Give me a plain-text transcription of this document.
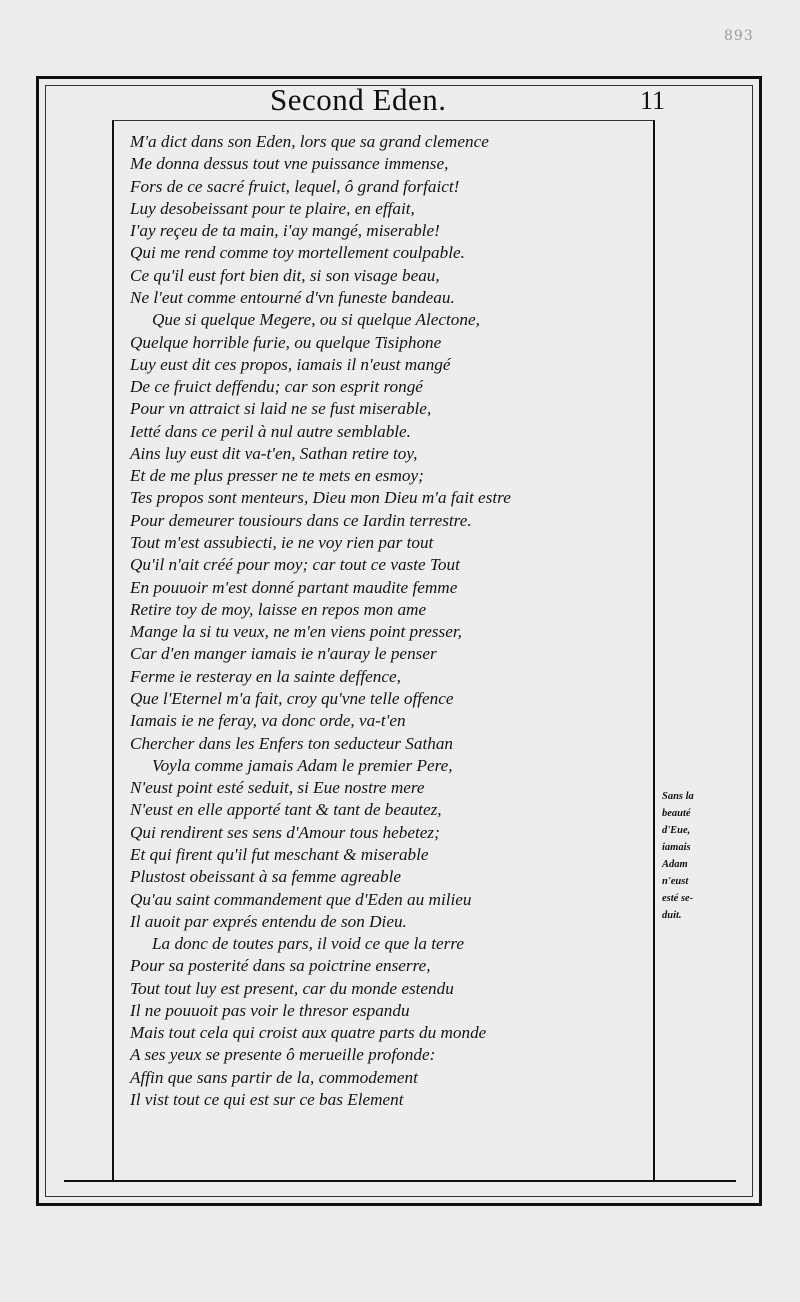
893
Second Eden.	11
M'a dict dans son Eden, lors que sa grand clemence
Me donna dessus tout vne puissance immense,
Fors de ce sacré fruict, lequel, ô grand forfaict!
Luy desobeissant pour te plaire, en effait,
I'ay reçeu de ta main, i'ay mangé, miserable!
Qui me rend comme toy mortellement coulpable.
Ce qu'il eust fort bien dit, si son visage beau,
Ne l'eut comme entourné d'vn funeste bandeau.
Que si quelque Megere, ou si quelque Alectone,
Quelque horrible furie, ou quelque Tisiphone
Luy eust dit ces propos, iamais il n'eust mangé
De ce fruict deffendu; car son esprit rongé
Pour vn attraict si laid ne se fust miserable,
Ietté dans ce peril à nul autre semblable.
Ains luy eust dit va-t'en, Sathan retire toy,
Et de me plus presser ne te mets en esmoy;
Tes propos sont menteurs, Dieu mon Dieu m'a fait estre
Pour demeurer tousiours dans ce Iardin terrestre.
Tout m'est assubiecti, ie ne voy rien par tout
Qu'il n'ait créé pour moy; car tout ce vaste Tout
En pouuoir m'est donné partant maudite femme
Retire toy de moy, laisse en repos mon ame
Mange la si tu veux, ne m'en viens point presser,
Car d'en manger iamais ie n'auray le penser
Ferme ie resteray en la sainte deffence,
Que l'Eternel m'a fait, croy qu'vne telle offence
Iamais ie ne feray, va donc orde, va-t'en
Chercher dans les Enfers ton seducteur Sathan
Voyla comme jamais Adam le premier Pere,
N'eust point esté seduit, si Eue nostre mere
N'eust en elle apporté tant & tant de beautez,
Qui rendirent ses sens d'Amour tous hebetez;
Et qui firent qu'il fut meschant & miserable
Plustost obeissant à sa femme agreable
Qu'au saint commandement que d'Eden au milieu
Il auoit par exprés entendu de son Dieu.
La donc de toutes pars, il void ce que la terre
Pour sa posterité dans sa poictrine enserre,
Tout tout luy est present, car du monde estendu
Il ne pouuoit pas voir le thresor espandu
Mais tout cela qui croist aux quatre parts du monde
A ses yeux se presente ô merueille profonde:
Affin que sans partir de la, commodement
Il vist tout ce qui est sur ce bas Element
Sans la
beauté
d'Eue,
iamais
Adam
n'eust
esté se-
duit.
